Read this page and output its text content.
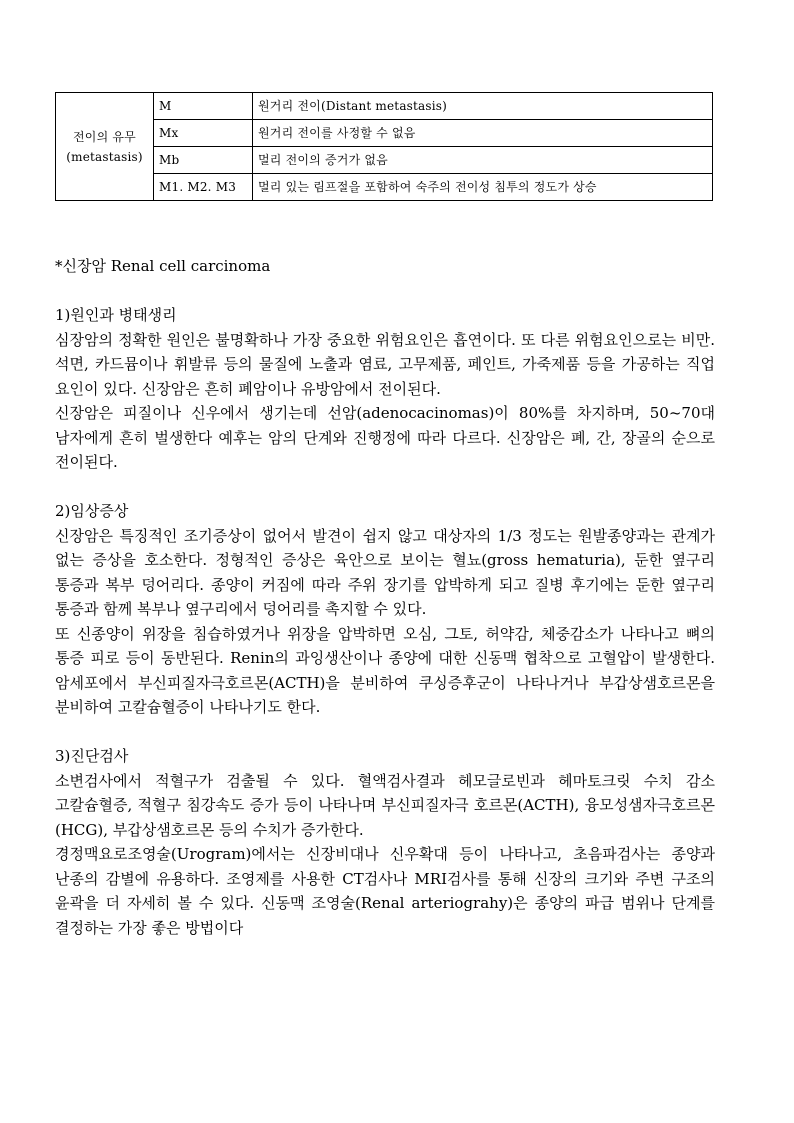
전이의 유무
(metastasis)	M	원거리 전이(Distant metastasis)
	Mx	원거리 전이를 사정할 수 없음
	Mb	멀리 전이의 증거가 없음
	M1. M2. M3	멀리 있는 림프절을 포함하여 숙주의 전이성 침투의 정도가 상승

*신장암 Renal cell carcinoma

1)원인과 병태생리

심장암의 정확한 원인은 불명확하나 가장 중요한 위험요인은 흡연이다. 또 다른 위험요인으로는 비만. 석면, 카드뮴이나 휘발류 등의 물질에 노출과 염료, 고무제품, 페인트, 가죽제품 등을 가공하는 직업 요인이 있다. 신장암은 흔히 폐암이나 유방암에서 전이된다.

신장암은 피질이나 신우에서 생기는데 선암(adenocacinomas)이 80%를 차지하며, 50~70대 남자에게 흔히 벌생한다 예후는 암의 단계와 진행정에 따라 다르다. 신장암은 폐, 간, 장골의 순으로 전이된다.

2)임상증상

신장암은 특징적인 조기증상이 없어서 발견이 쉽지 않고 대상자의 1/3 정도는 원발종양과는 관계가 없는 증상을 호소한다. 정형적인 증상은 육안으로 보이는 혈뇨(gross hematuria), 둔한 옆구리 통증과 복부 덩어리다. 종양이 커짐에 따라 주위 장기를 압박하게 되고 질병 후기에는 둔한 옆구리 통증과 함께 복부나 옆구리에서 덩어리를 촉지할 수 있다.

또 신종양이 위장을 침습하였거나 위장을 압박하면 오심, 그토, 허약감, 체중감소가 나타나고 뼈의 통증 피로 등이 동반된다. Renin의 과잉생산이나 종양에 대한 신동맥 협착으로 고혈압이 발생한다. 암세포에서 부신피질자극호르몬(ACTH)을 분비하여 쿠싱증후군이 나타나거나 부갑상샘호르몬을 분비하여 고칼슘혈증이 나타나기도 한다.

3)진단검사

소변검사에서 적혈구가 검출될 수 있다. 혈액검사결과 헤모글로빈과 헤마토크릿 수치 감소 고칼슘혈증, 적혈구 침강속도 증가 등이 나타나며 부신피질자극 호르몬(ACTH), 융모성샘자극호르몬(HCG), 부갑상샘호르몬 등의 수치가 증가한다.

경정맥요로조영술(Urogram)에서는 신장비대나 신우확대 등이 나타나고, 초음파검사는 종양과 난종의 감별에 유용하다. 조영제를 사용한 CT검사나 MRI검사를 통해 신장의 크기와 주변 구조의 윤곽을 더 자세히 볼 수 있다. 신동맥 조영술(Renal arteriograhy)은 종양의 파급 범위나 단계를 결정하는 가장 좋은 방법이다
